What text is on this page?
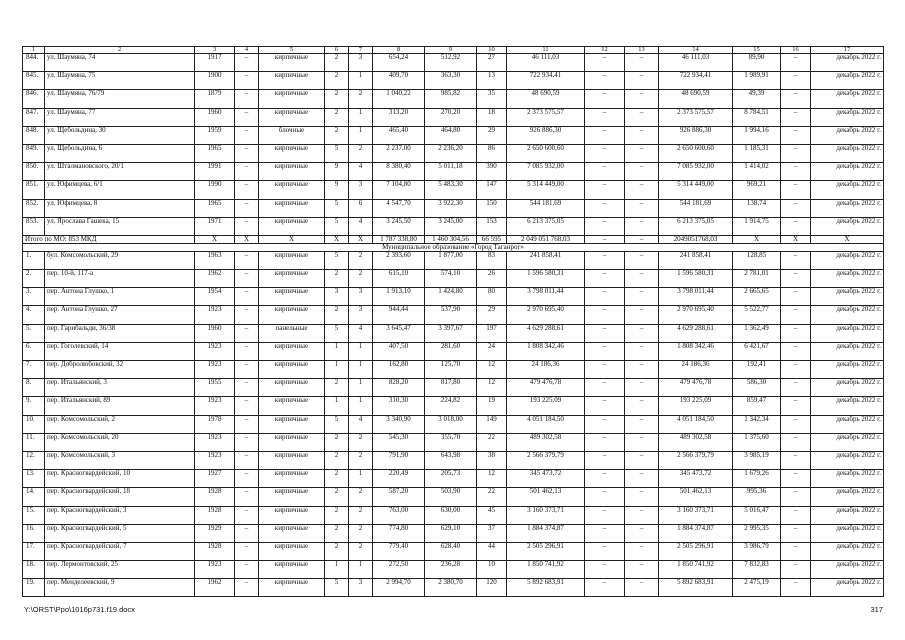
1	2	3	4	5	6	7	8	9	10	11	12	13	14	15	16	17
844.	ул. Шаумяна, 74	1917	–	кирпичные	2	3	654,24	512,92	27	46 111,03	–	–	46 111,03	89,90	–	декабрь 2022 г.
845.	ул. Шаумяна, 75	1900	–	кирпичные	2	1	409,70	363,30	13	722 934,41	–	–	722 934,41	1 989,91	–	декабрь 2022 г.
846.	ул. Шаумяна, 76/79	1879	–	кирпичные	2	2	1 040,22	985,82	35	48 690,59	–	–	48 690,59	49,39	–	декабрь 2022 г.
847.	ул. Шаумяна, 77	1960	–	кирпичные	2	1	313,20	270,20	18	2 373 575,57	–	–	2 373 575,57	8 784,51	–	декабрь 2022 г.
848.	ул. Щебольдина, 30	1959	–	блочные	2	1	465,40	464,80	29	926 886,30	–	–	926 886,30	1 994,16	–	декабрь 2022 г.
849.	ул. Щебольдина, 6	1965	–	кирпичные	5	2	2 237,00	2 236,20	86	2 650 600,60	–	–	2 650 600,60	1 185,31	–	декабрь 2022 г.
850.	ул. Шталмановского, 20/1	1991	–	кирпичные	9	4	8 380,40	5 011,18	390	7 085 932,00	–	–	7 085 932,00	1 414,02	–	декабрь 2022 г.
851.	ул. Юфимцева, 6/1	1990	–	кирпичные	9	3	7 104,80	5 483,30	147	5 314 449,00	–	–	5 314 449,00	969,21	–	декабрь 2022 г.
852.	ул. Юфимцева, 8	1965	–	кирпичные	5	6	4 547,70	3 922,30	150	544 181,69	–	–	544 181,69	138,74	–	декабрь 2022 г.
853.	ул. Ярослава Гашека, 15	1971	–	кирпичные	5	4	3 245,50	3 245,00	153	6 213 375,05	–	–	6 213 375,05	1 914,75	–	декабрь 2022 г.
Итого по МО: 853 МКД		X	X	X	X	X	1 787 338,80	1 460 304,56	66 595	2 049 051 768,03	–	–	2049051768,03	X	X	X
Муниципальное образование «Город Таганрог»																
1.	бул. Комсомольский, 29	1963	–	кирпичные	5	2	2 393,60	1 877,00	83	241 858,41	–	–	241 858,41	128,85	–	декабрь 2022 г.
2.	пер. 10-й, 117-а	1962	–	кирпичные	2	2	615,10	574,10	26	1 596 580,31	–	–	1 596 580,31	2 781,01	–	декабрь 2022 г.
3.	пер. Антона Глушко, 1	1954	–	кирпичные	3	3	1 913,10	1 424,80	80	3 798 011,44	–	–	3 798 011,44	2 665,65	–	декабрь 2022 г.
4.	пер. Антона Глушко, 27	1923	–	кирпичные	2	3	944,44	537,90	29	2 970 695,40	–	–	2 970 695,40	5 522,77	–	декабрь 2022 г.
5.	пер. Гарибальди, 36/38	1960	–	панельные	5	4	3 645,47	3 397,67	197	4 629 288,61	–	–	4 629 288,61	1 362,49	–	декабрь 2022 г.
6.	пер. Гоголевский, 14	1923	–	кирпичные	1	1	407,50	281,60	24	1 808 342,46	–	–	1 808 342,46	6 421,67	–	декабрь 2022 г.
7.	пер. Добролюбовский, 32	1923	–	кирпичные	1	1	162,80	125,70	12	24 186,36	–	–	24 186,36	192,41	–	декабрь 2022 г.
8.	пер. Итальянский, 3	1955	–	кирпичные	2	1	828,20	817,80	12	479 476,78	–	–	479 476,78	586,30	–	декабрь 2022 г.
9.	пер. Итальянский, 89	1923	–	кирпичные	1	1	310,30	224,82	19	193 225,09	–	–	193 225,09	859,47	–	декабрь 2022 г.
10.	пер. Комсомольский, 2	1978	–	кирпичные	5	4	3 340,90	3 018,00	149	4 051 184,50	–	–	4 051 184,50	1 342,34	–	декабрь 2022 г.
11.	пер. Комсомольский, 20	1923	–	кирпичные	2	2	545,30	355,70	22	489 302,58	–	–	489 302,58	1 375,60	–	декабрь 2022 г.
12.	пер. Комсомольский, 3	1923	–	кирпичные	2	2	791,90	643,98	38	2 566 379,79	–	–	2 566 379,79	3 985,19	–	декабрь 2022 г.
13.	пер. Красногвардейский, 10	1927	–	кирпичные	2	1	220,49	205,73	12	345 473,72	–	–	345 473,72	1 679,26	–	декабрь 2022 г.
14.	пер. Красногвардейский, 18	1928	–	кирпичные	2	2	587,20	503,90	22	501 462,13	–	–	501 462,13	995,36	–	декабрь 2022 г.
15.	пер. Красногвардейский, 3	1928	–	кирпичные	2	2	763,00	630,00	45	3 160 373,71	–	–	3 160 373,71	5 016,47	–	декабрь 2022 г.
16.	пер. Красногвардейский, 5	1929	–	кирпичные	2	2	774,80	629,10	37	1 884 374,87	–	–	1 884 374,87	2 995,35	–	декабрь 2022 г.
17.	пер. Красногвардейский, 7	1928	–	кирпичные	2	2	779,40	628,40	44	2 505 296,91	–	–	2 505 296,91	3 986,79	–	декабрь 2022 г.
18.	пер. Лермонтовский, 25	1923	–	кирпичные	1	1	272,50	236,28	10	1 850 741,92	–	–	1 850 741,92	7 832,83	–	декабрь 2022 г.
19.	пер. Менделеевский, 9	1962	–	кирпичные	5	3	2 994,70	2 380,70	120	5 892 683,91	–	–	5 892 683,91	2 475,19	–	декабрь 2022 г.
Y:\ORST\Ppo\1016p731.f19.docx	317
